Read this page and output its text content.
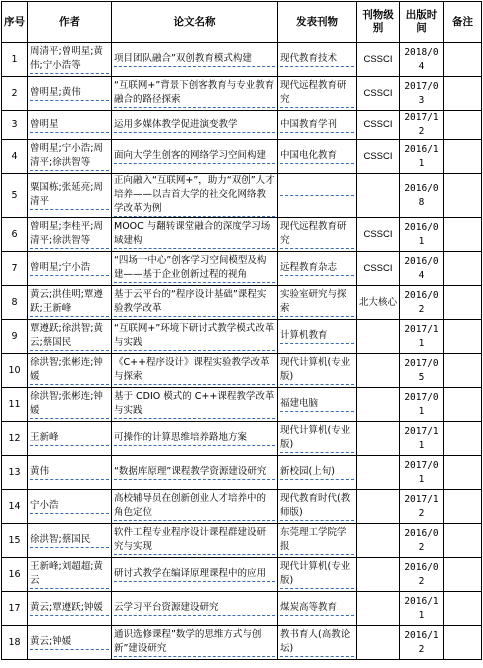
序号	作者	论文名称	发表刊物	刊物级别	出版时间	备注

1	周清平;曾明星;黄 伟;宁小浩等	项目团队融合”双创教育模式构建	现代教育技术	CSSCI	2018/04	

2	曾明星;黄伟	“互联网+”背景下创客教育与专业教育融合的路径探索	现代远程教育研究	CSSCI	2017/03	

3	曾明星	运用多媒体教学促进演变教学	中国教育学刊	CSSCI	2017/12	

4	曾明星;宁小浩;周清平;徐洪智等	面向大学生创客的网络学习空间构建	中国电化教育	CSSCI	2016/11	

5	粟国栋;张延亮;周清平	正向融入“互联网+”，助力“双创”人才培养——以吉首大学的社交化网络教学改革为例			2016/08	

6	曾明星;李桂平;周清平;徐洪智等	MOOC 与翻转课堂融合的深度学习场域建构	现代远程教育研究	CSSCI	2016/01	

7	曾明星;宁小浩	“四场一中心”创客学习空间模型及构建——基于企业创新过程的视角	远程教育杂志	CSSCI	2016/04	

8	黄云;洪佳明;覃遵跃;王新峰	基于云平台的“程序设计基础”课程实验教学改革	实验室研究与探索	北大核心	2016/02	

9	覃遵跃;徐洪智;黄云;蔡国民	“互联网+”环境下研讨式教学模式改革与实践	计算机教育		2017/11	

10	徐洪智;张彬连;钟媛	《C++程序设计》课程实验教学改革与探索	现代计算机(专业版)		2017/05	

11	徐洪智;张彬连;钟媛	基于 CDIO 模式的 C++课程教学改革与实践	福建电脑		2017/01	

12	王新峰	可操作的计算思维培养路地方案	现代计算机(专业版)		2017/11	

13	黄伟	“数据库原理”课程教学资源建设研究	新校园(上旬)		2017/01	

14	宁小浩	高校辅导员在创新创业人才培养中的角色定位	现代教育时代(教师版)		2017/12	

15	徐洪智;蔡国民	软件工程专业程序设计课程群建设研究与实现	东莞理工学院学报		2016/02	

16	王新峰;刘超超;黄云	研讨式教学在编译原理课程中的应用	现代计算机(专业版)		2016/02	

17	黄云;覃遵跃;钟媛	云学习平台资源建设研究	煤炭高等教育		2016/11	

18	黄云;钟媛	通识选修课程”数学的思维方式与创新”建设研究	教书育人(高教论坛)		2016/12	
